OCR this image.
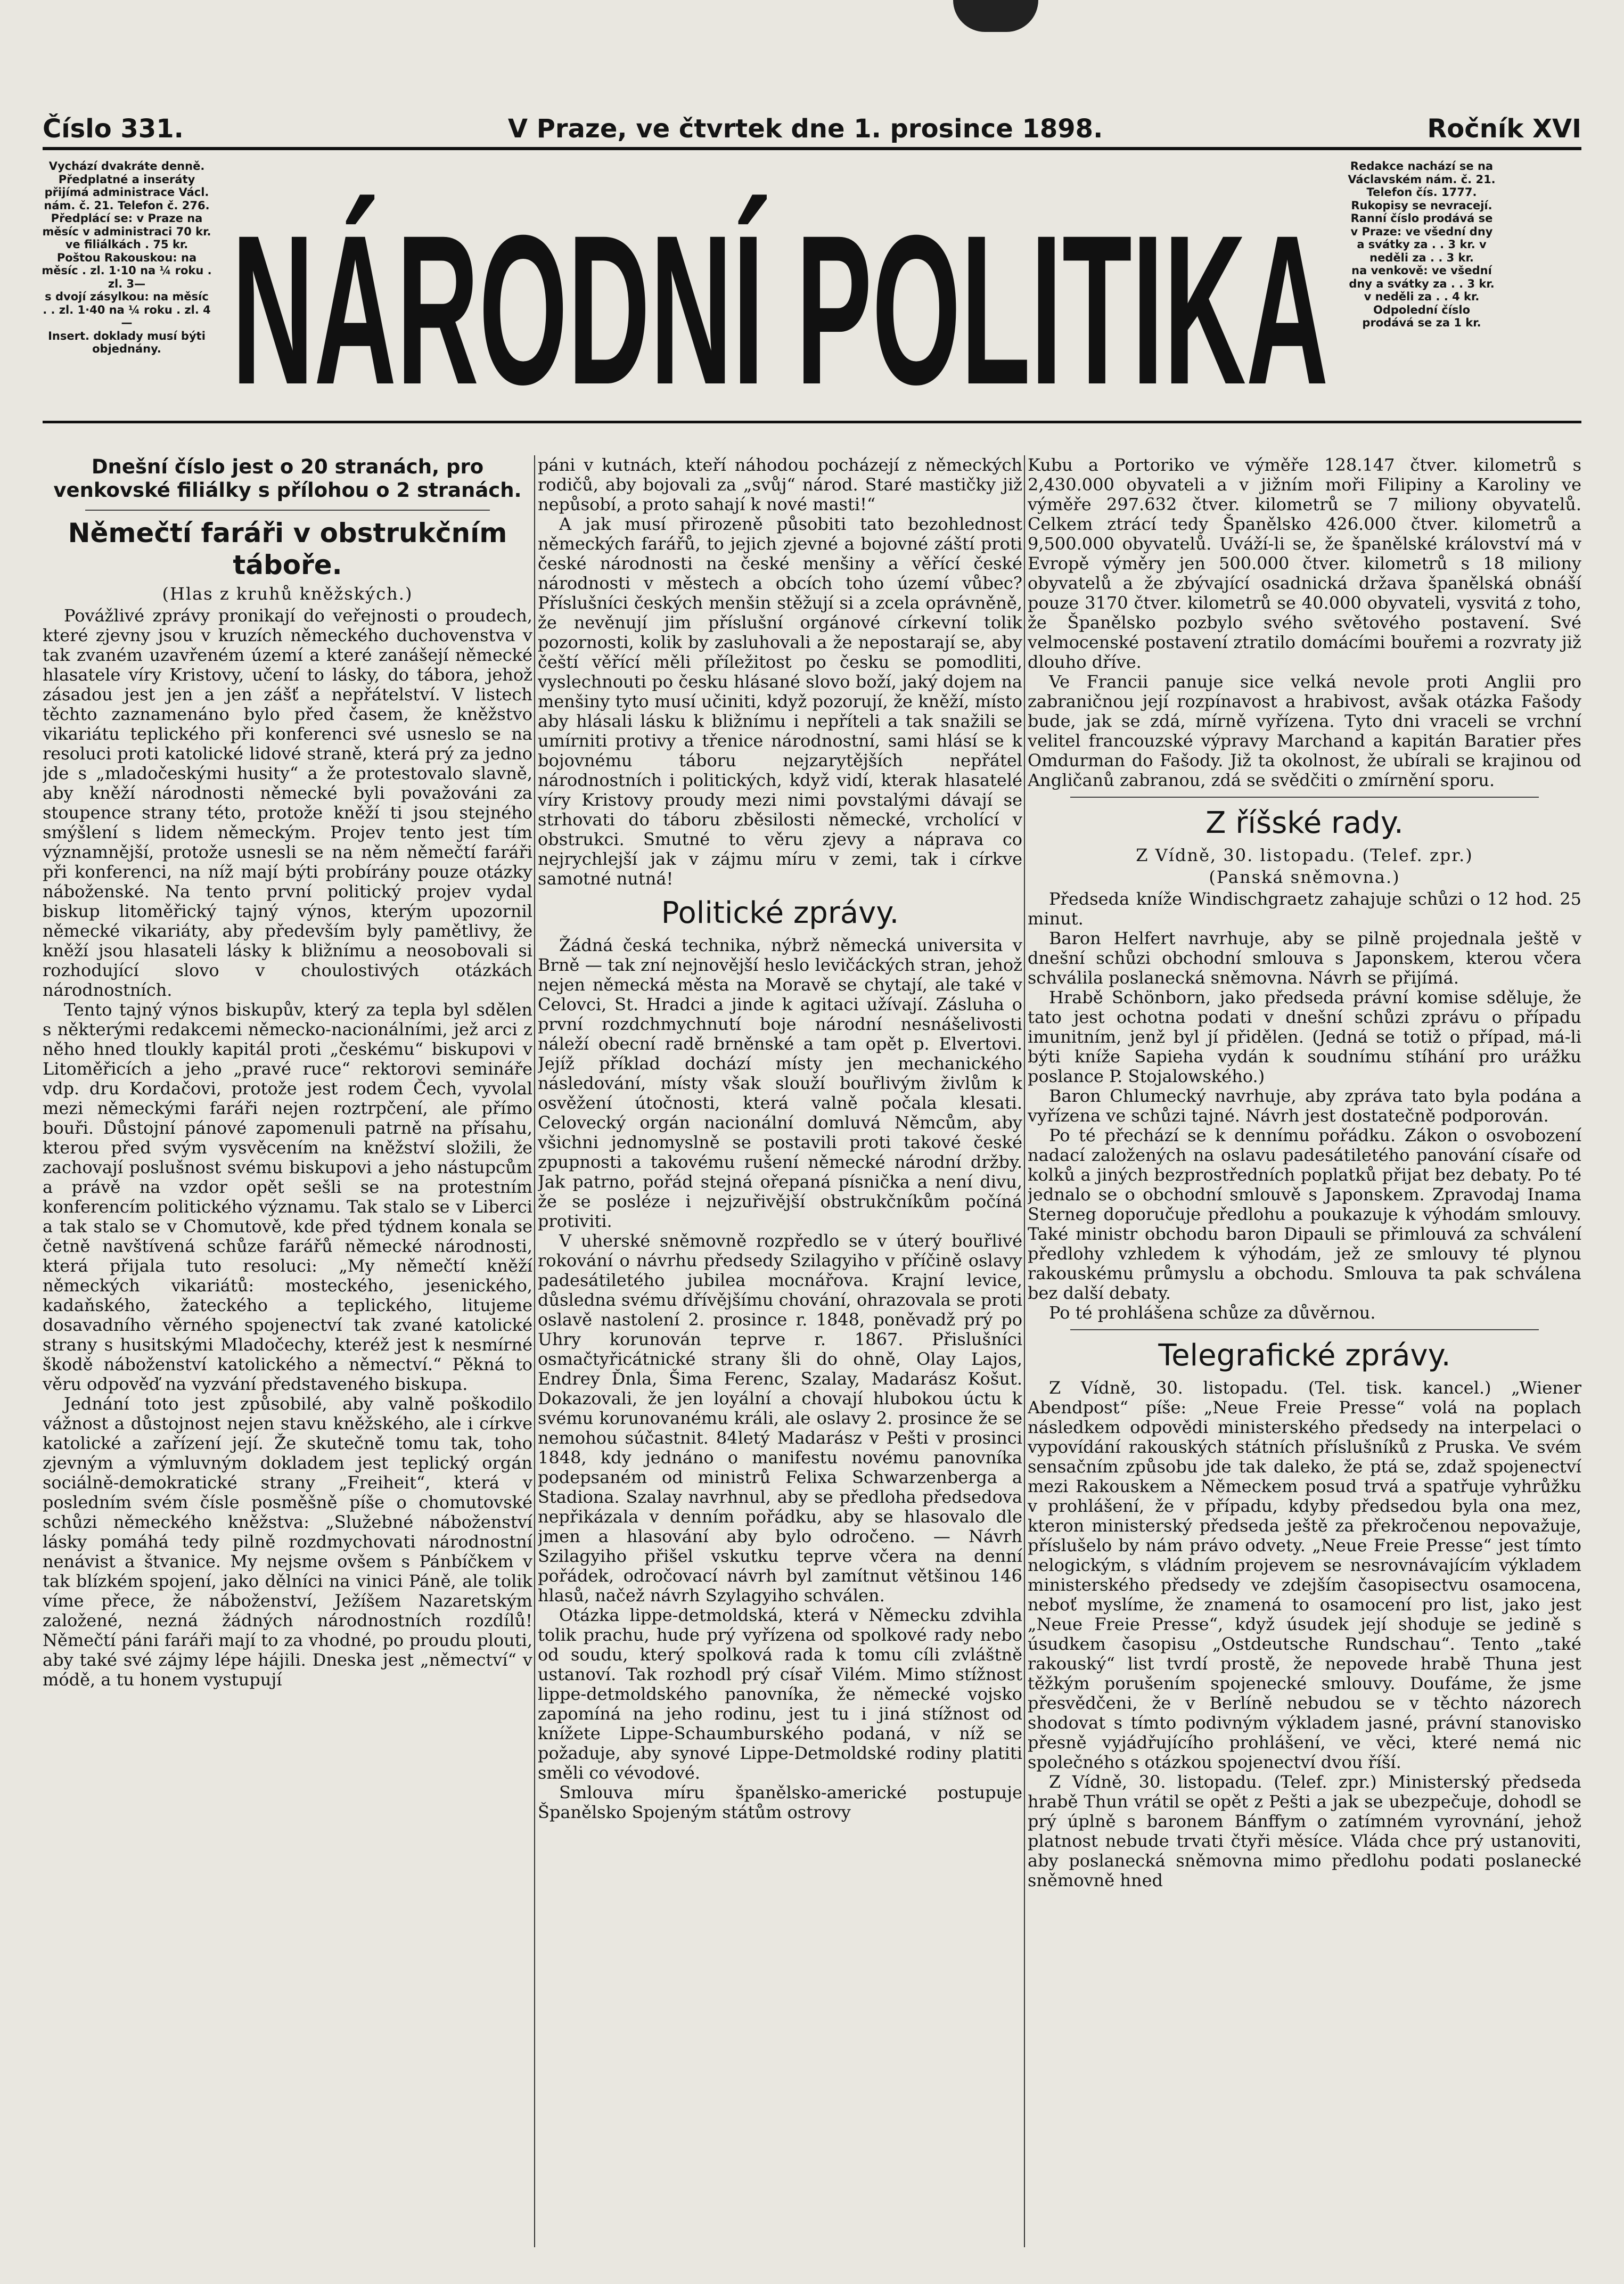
Číslo 331.	V Praze, ve čtvrtek dne 1. prosince 1898.	Ročník XVI
Vychází dvakráte denně.
Předplatné a inseráty přijímá administrace Václ. nám. č. 21. Telefon č. 276.
Předplácí se: v Praze na měsíc v administraci 70 kr. ve filiálkách . 75 kr.
Poštou Rakouskou: na měsíc . zl. 1·10 na ¼ roku . zl. 3—
s dvojí zásylkou: na měsíc . . zl. 1·40 na ¼ roku . zl. 4—
Insert. doklady musí býti objednány. NÁRODNÍ POLITIKA
Redakce nachází se na Václavském nám. č. 21. Telefon čís. 1777. Rukopisy se nevracejí.
Ranní číslo prodává se v Praze: ve všední dny a svátky za . . 3 kr. v neděli za . . 3 kr.
na venkově: ve všední dny a svátky za . . 3 kr. v neděli za . . 4 kr.
Odpolední číslo prodává se za 1 kr.
Dnešní číslo jest o 20 stranách, pro venkovské filiálky s přílohou o 2 stranách.
Němečtí faráři v obstrukčním táboře.
(Hlas z kruhů kněžských.)

Povážlivé zprávy pronikají do veřejnosti o proudech, které zjevny jsou v kruzích německého duchovenstva v tak zvaném uzavřeném území a které zanášejí německé hlasatele víry Kristovy, učení to lásky, do tábora, jehož zásadou jest jen a jen zášť a nepřátelství. V listech těchto zaznamenáno bylo před časem, že kněžstvo vikariátu teplického při konferenci své usneslo se na resoluci proti katolické lidové straně, která prý za jedno jde s „mladočeskými husity“ a že protestovalo slavně, aby kněží národnosti německé byli považováni za stoupence strany této, protože kněží ti jsou stejného smýšlení s lidem německým. Projev tento jest tím významnější, protože usnesli se na něm němečtí faráři při konferenci, na níž mají býti probírány pouze otázky náboženské. Na tento první politický projev vydal biskup litoměřický tajný výnos, kterým upozornil německé vikariáty, aby především byly pamětlivy, že kněží jsou hlasateli lásky k bližnímu a neosobovali si rozhodující slovo v choulostivých otázkách národnostních.

Tento tajný výnos biskupův, který za tepla byl sdělen s některými redakcemi německo-nacionálními, jež arci z něho hned tloukly kapitál proti „českému“ biskupovi v Litoměřicích a jeho „pravé ruce“ rektorovi semináře vdp. dru Kordačovi, protože jest rodem Čech, vyvolal mezi německými faráři nejen roztrpčení, ale přímo bouři. Důstojní pánové zapomenuli patrně na přísahu, kterou před svým vysvěcením na kněžství složili, že zachovají poslušnost svému biskupovi a jeho nástupcům a právě na vzdor opět sešli se na protestním konferencím politického významu. Tak stalo se v Liberci a tak stalo se v Chomutově, kde před týdnem konala se četně navštívená schůze farářů německé národnosti, která přijala tuto resoluci: „My němečtí kněží německých vikariátů: mosteckého, jesenického, kadaňského, žateckého a teplického, litujeme dosavadního věrného spojenectví tak zvané katolické strany s husitskými Mladočechy, kteréž jest k nesmírné škodě náboženství katolického a němectví.“ Pěkná to věru odpověď na vyzvání představeného biskupa.

Jednání toto jest způsobilé, aby valně poškodilo vážnost a důstojnost nejen stavu kněžského, ale i církve katolické a zařízení její. Že skutečně tomu tak, toho zjevným a výmluvným dokladem jest teplický orgán sociálně-demokratické strany „Freiheit“, která v posledním svém čísle posměšně píše o chomutovské schůzi německého kněžstva: „Služebné náboženství lásky pomáhá tedy pilně rozdmychovati národnostní nenávist a štvanice. My nejsme ovšem s Pánbíčkem v tak blízkém spojení, jako dělníci na vinici Páně, ale tolik víme přece, že náboženství, Ježíšem Nazaretským založené, nezná žádných národnostních rozdílů! Němečtí páni faráři mají to za vhodné, po proudu plouti, aby také své zájmy lépe hájili. Dneska jest „němectví“ v módě, a tu honem vystupují

páni v kutnách, kteří náhodou pocházejí z německých rodičů, aby bojovali za „svůj“ národ. Staré mastičky již nepůsobí, a proto sahají k nové masti!“

A jak musí přirozeně působiti tato bezohlednost německých farářů, to jejich zjevné a bojovné záští proti české národnosti na české menšiny a věřící české národnosti v městech a obcích toho území vůbec? Příslušníci českých menšin stěžují si a zcela oprávněně, že nevěnují jim příslušní orgánové církevní tolik pozornosti, kolik by zasluhovali a že nepostarají se, aby čeští věřící měli příležitost po česku se pomodliti, vyslechnouti po česku hlásané slovo boží, jaký dojem na menšiny tyto musí učiniti, když pozorují, že kněží, místo aby hlásali lásku k bližnímu i nepříteli a tak snažili se umírniti protivy a třenice národnostní, sami hlásí se k bojovnému táboru nejzarytějších nepřátel národnostních i politických, když vidí, kterak hlasatelé víry Kristovy proudy mezi nimi povstalými dávají se strhovati do táboru zběsilosti německé, vrcholící v obstrukci. Smutné to věru zjevy a náprava co nejrychlejší jak v zájmu míru v zemi, tak i církve samotné nutná!

Politické zprávy.

Žádná česká technika, nýbrž německá universita v Brně — tak zní nejnovější heslo levičáckých stran, jehož nejen německá města na Moravě se chytají, ale také v Celovci, St. Hradci a jinde k agitaci užívají. Zásluha o první rozdchmychnutí boje národní nesnášelivosti náleží obecní radě brněnské a tam opět p. Elvertovi. Jejíž příklad dochází místy jen mechanického následování, místy však slouží bouřlivým živlům k osvěžení útočnosti, která valně počala klesati. Celovecký orgán nacionální domluvá Němcům, aby všichni jednomyslně se postavili proti takové české zpupnosti a takovému rušení německé národní držby. Jak patrno, pořád stejná ořepaná písnička a není divu, že se posléze i nejzuřivější obstrukčníkům počíná protiviti.

V uherské sněmovně rozpředlo se v úterý bouřlivé rokování o návrhu předsedy Szilagyiho v příčině oslavy padesátiletého jubilea mocnářova. Krajní levice, důsledna svému dřívějšímu chování, ohrazovala se proti oslavě nastolení 2. prosince r. 1848, poněvadž prý po Uhry korunován teprve r. 1867. Přislušníci osmačtyřicátnické strany šli do ohně, Olay Lajos, Endrey Ďnla, Šima Ferenc, Szalay, Madarász Košut. Dokazovali, že jen loyální a chovají hlubokou úctu k svému korunovanému králi, ale oslavy 2. prosince že se nemohou súčastnit. 84letý Madarász v Pešti v prosinci 1848, kdy jednáno o manifestu novému panovníka podepsaném od ministrů Felixa Schwarzenberga a Stadiona. Szalay navrhnul, aby se předloha předsedova nepřikázala v denním pořádku, aby se hlasovalo dle jmen a hlasování aby bylo odročeno. — Návrh Szilagyiho přišel vskutku teprve včera na denní pořádek, odročovací návrh byl zamítnut většinou 146 hlasů, načež návrh Szylagyiho schválen.

Otázka lippe-detmoldská, která v Německu zdvihla tolik prachu, hude prý vyřízena od spolkové rady nebo od soudu, který spolková rada k tomu cíli zvláštně ustanoví. Tak rozhodl prý císař Vilém. Mimo stížnost lippe-detmoldského panovníka, že německé vojsko zapomíná na jeho rodinu, jest tu i jiná stížnost od knížete Lippe-Schaumburského podaná, v níž se požaduje, aby synové Lippe-Detmoldské rodiny platiti směli co vévodové.

Smlouva míru španělsko-americké postupuje Španělsko Spojeným státům ostrovy

Kubu a Portoriko ve výměře 128.147 čtver. kilometrů s 2,430.000 obyvateli a v jižním moři Filipiny a Karoliny ve výměře 297.632 čtver. kilometrů se 7 miliony obyvatelů. Celkem ztrácí tedy Španělsko 426.000 čtver. kilometrů a 9,500.000 obyvatelů. Uváží-li se, že španělské království má v Evropě výměry jen 500.000 čtver. kilometrů s 18 miliony obyvatelů a že zbývající osadnická država španělská obnáší pouze 3170 čtver. kilometrů se 40.000 obyvateli, vysvitá z toho, že Španělsko pozbylo svého světového postavení. Své velmocenské postavení ztratilo domácími bouřemi a rozvraty již dlouho dříve.

Ve Francii panuje sice velká nevole proti Anglii pro zabraničnou její rozpínavost a hrabivost, avšak otázka Fašody bude, jak se zdá, mírně vyřízena. Tyto dni vraceli se vrchní velitel francouzské výpravy Marchand a kapitán Baratier přes Omdurman do Fašody. Již ta okolnost, že ubírali se krajinou od Angličanů zabranou, zdá se svědčiti o zmírnění sporu.

Z říšské rady.
Z Vídně, 30. listopadu. (Telef. zpr.)
(Panská sněmovna.)

Předseda kníže Windischgraetz zahajuje schůzi o 12 hod. 25 minut.

Baron Helfert navrhuje, aby se pilně projednala ještě v dnešní schůzi obchodní smlouva s Japonskem, kterou včera schválila poslanecká sněmovna. Návrh se přijímá.

Hrabě Schönborn, jako předseda právní komise sděluje, že tato jest ochotna podati v dnešní schůzi zprávu o případu imunitním, jenž byl jí přidělen. (Jedná se totiž o případ, má-li býti kníže Sapieha vydán k soudnímu stíhání pro urážku poslance P. Stojalowského.)

Baron Chlumecký navrhuje, aby zpráva tato byla podána a vyřízena ve schůzi tajné. Návrh jest dostatečně podporován.

Po té přechází se k dennímu pořádku. Zákon o osvobození nadací založených na oslavu padesátiletého panování císaře od kolků a jiných bezprostředních poplatků přijat bez debaty. Po té jednalo se o obchodní smlouvě s Japonskem. Zpravodaj Inama Sterneg doporučuje předlohu a poukazuje k výhodám smlouvy. Také ministr obchodu baron Dipauli se přimlouvá za schválení předlohy vzhledem k výhodám, jež ze smlouvy té plynou rakouskému průmyslu a obchodu. Smlouva ta pak schválena bez další debaty.

Po té prohlášena schůze za důvěrnou.

Telegrafické zprávy.

Z Vídně, 30. listopadu. (Tel. tisk. kancel.) „Wiener Abendpost“ píše: „Neue Freie Presse“ volá na poplach následkem odpovědi ministerského předsedy na interpelaci o vypovídání rakouských státních příslušníků z Pruska. Ve svém sensačním způsobu jde tak daleko, že ptá se, zdaž spojenectví mezi Rakouskem a Německem posud trvá a spatřuje vyhrůžku v prohlášení, že v případu, kdyby předsedou byla ona mez, kteron ministerský předseda ještě za překročenou nepovažuje, příslušelo by nám právo odvety. „Neue Freie Presse“ jest tímto nelogickým, s vládním projevem se nesrovnávajícím výkladem ministerského předsedy ve zdejším časopisectvu osamocena, neboť myslíme, že znamená to osamocení pro list, jako jest „Neue Freie Presse“, když úsudek její shoduje se jedině s úsudkem časopisu „Ostdeutsche Rundschau“. Tento „také rakouský“ list tvrdí prostě, že nepovede hrabě Thuna jest těžkým porušením spojenecké smlouvy. Doufáme, že jsme přesvědčeni, že v Berlíně nebudou se v těchto názorech shodovat s tímto podivným výkladem jasné, právní stanovisko přesně vyjádřujícího prohlášení, ve věci, které nemá nic společného s otázkou spojenectví dvou říší.

Z Vídně, 30. listopadu. (Telef. zpr.) Ministerský předseda hrabě Thun vrátil se opět z Pešti a jak se ubezpečuje, dohodl se prý úplně s baronem Bánffym o zatímném vyrovnání, jehož platnost nebude trvati čtyři měsíce. Vláda chce prý ustanoviti, aby poslanecká sněmovna mimo předlohu podati poslanecké sněmovně hned
